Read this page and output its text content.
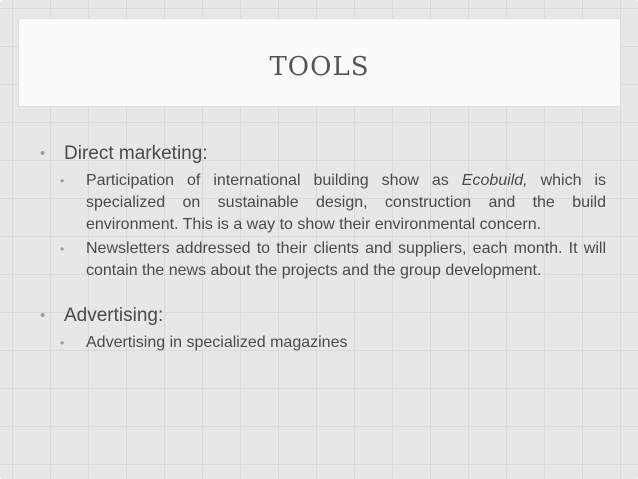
TOOLS
• Direct marketing:
• Participation of international building show as Ecobuild, which is specialized on sustainable design, construction and the build environment. This is a way to show their environmental concern.
• Newsletters addressed to their clients and suppliers, each month. It will contain the news about the projects and the group development.
• Advertising:
• Advertising in specialized magazines
